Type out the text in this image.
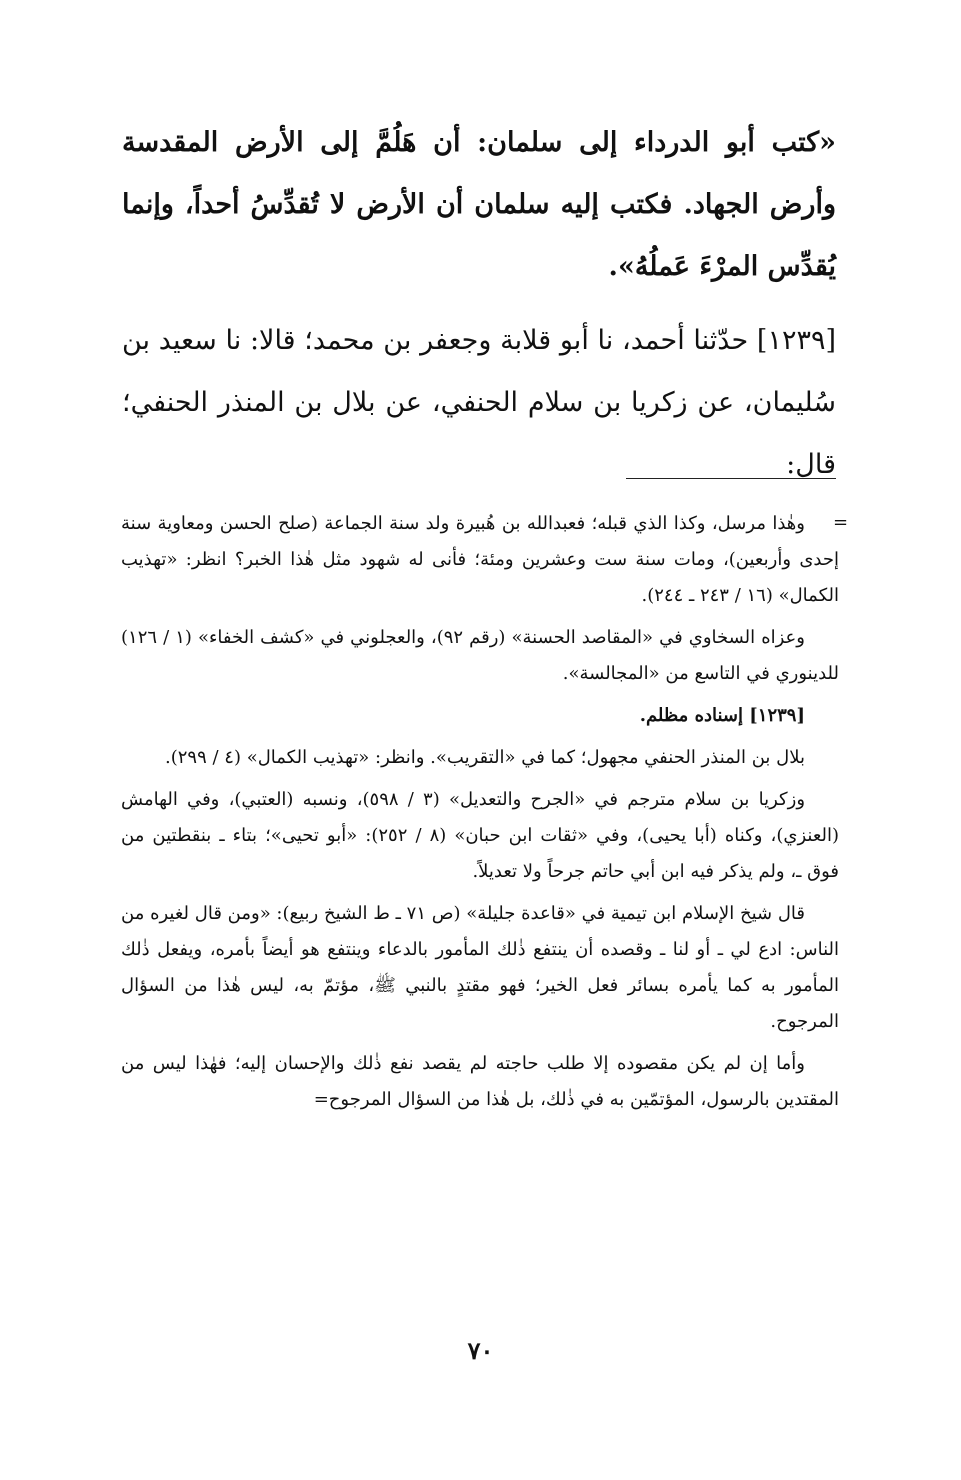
«كتب أبو الدرداء إلى سلمان: أن هَلُمَّ إلى الأرض المقدسة وأرض الجهاد. فكتب إليه سلمان أن الأرض لا تُقدِّسُ أحداً، وإنما يُقدِّس المرْءَ عَملُهُ».

[١٢٣٩] حدّثنا أحمد، نا أبو قلابة وجعفر بن محمد؛ قالا: نا سعيد بن سُليمان، عن زكريا بن سلام الحنفي، عن بلال بن المنذر الحنفي؛ قال:

=

وهٰذا مرسل، وكذا الذي قبله؛ فعبدالله بن هُبيرة ولد سنة الجماعة (صلح الحسن ومعاوية سنة إحدى وأربعين)، ومات سنة ست وعشرين ومئة؛ فأنى له شهود مثل هٰذا الخبر؟ انظر: «تهذيب الكمال» (١٦ / ٢٤٣ ـ ٢٤٤).

وعزاه السخاوي في «المقاصد الحسنة» (رقم ٩٢)، والعجلوني في «كشف الخفاء» (١ / ١٢٦) للدينوري في التاسع من «المجالسة».

[١٢٣٩] إسناده مظلم.

بلال بن المنذر الحنفي مجهول؛ كما في «التقريب». وانظر: «تهذيب الكمال» (٤ / ٢٩٩).

وزكريا بن سلام مترجم في «الجرح والتعديل» (٣ / ٥٩٨)، ونسبه (العتبي)، وفي الهامش (العنزي)، وكناه (أبا يحيى)، وفي «ثقات ابن حبان» (٨ / ٢٥٢): «أبو تحيى»؛ بتاء ـ بنقطتين من فوق ـ، ولم يذكر فيه ابن أبي حاتم جرحاً ولا تعديلاً.

قال شيخ الإسلام ابن تيمية في «قاعدة جليلة» (ص ٧١ ـ ط الشيخ ربيع): «ومن قال لغيره من الناس: ادع لي ـ أو لنا ـ وقصده أن ينتفع ذٰلك المأمور بالدعاء وينتفع هو أيضاً بأمره، ويفعل ذٰلك المأمور به كما يأمره بسائر فعل الخير؛ فهو مقتدٍ بالنبي ﷺ، مؤتمّ به، ليس هٰذا من السؤال المرجوح.

وأما إن لم يكن مقصوده إلا طلب حاجته لم يقصد نفع ذٰلك والإحسان إليه؛ فهٰذا ليس من المقتدين بالرسول، المؤتمّين به في ذٰلك، بل هٰذا من السؤال المرجوح=

٧٠
